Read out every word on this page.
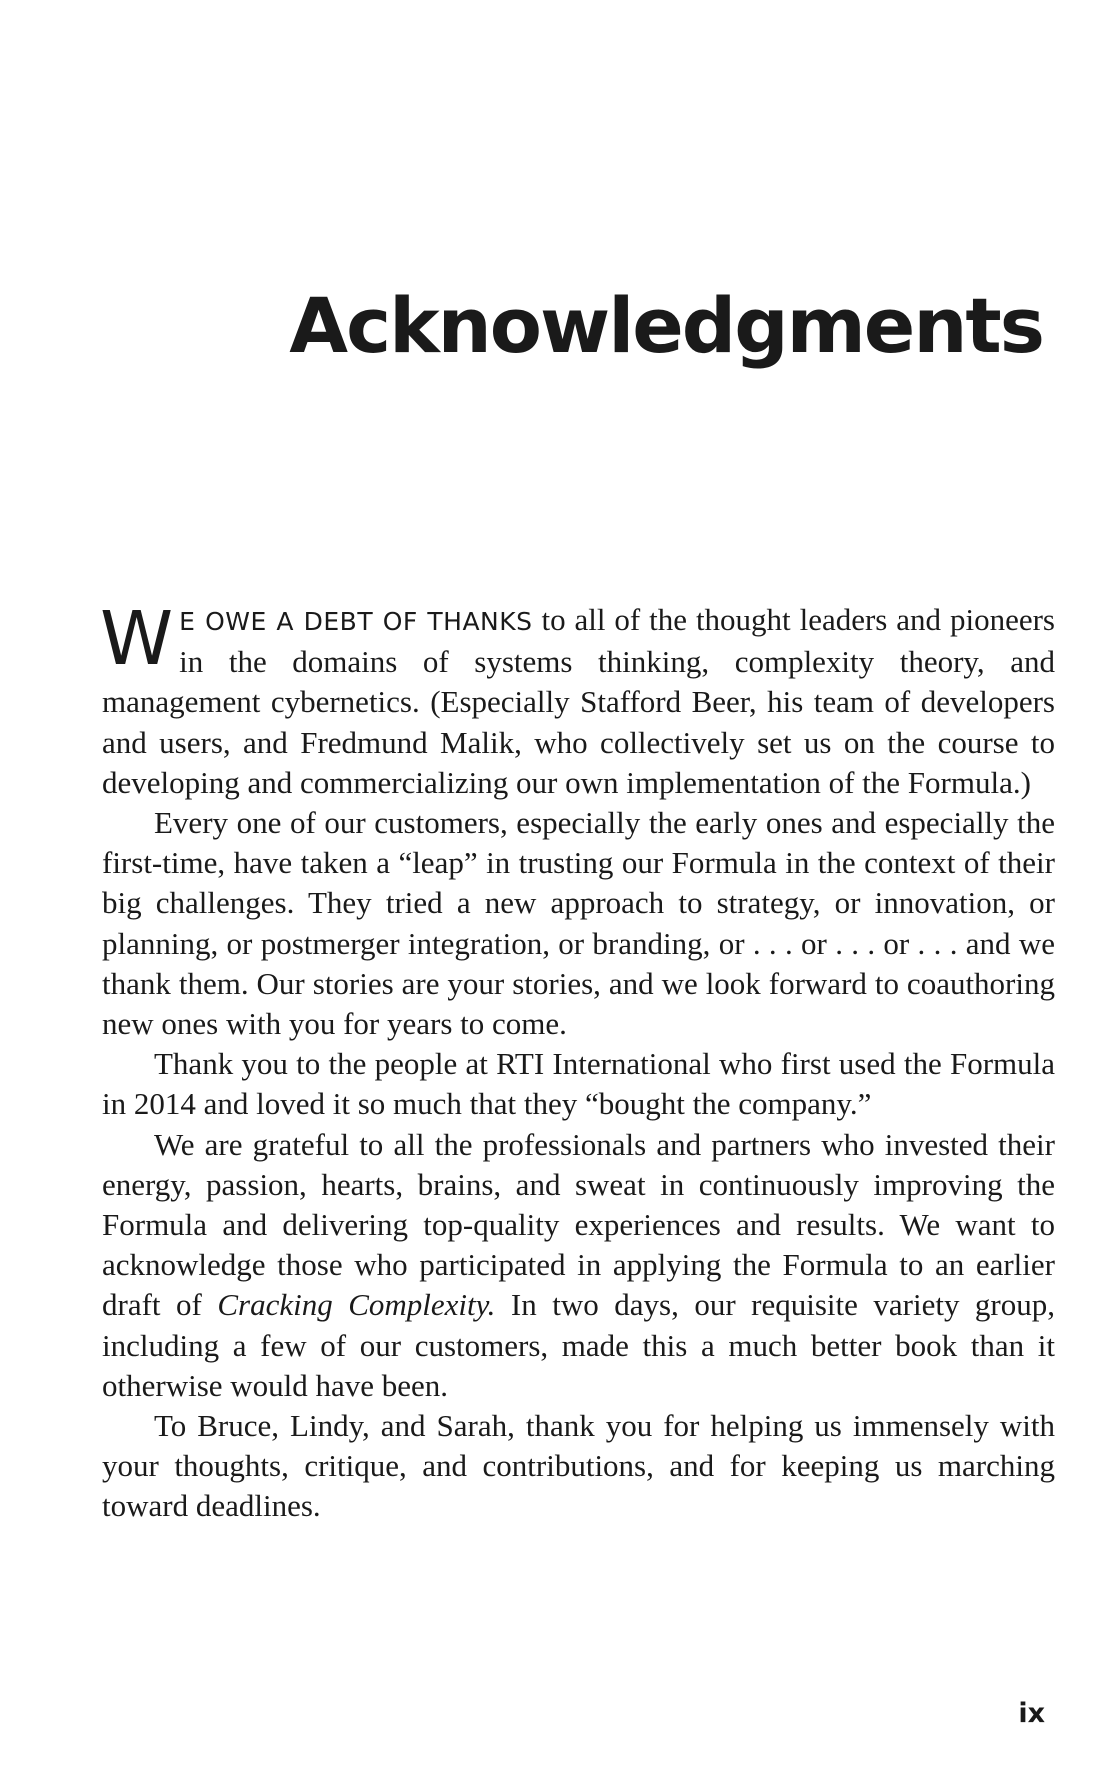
Acknowledgments

W E OWE A DEBT OF THANKS to all of the thought leaders and pioneers in the domains of systems thinking, complexity theory, and management cybernetics. (Especially Stafford Beer, his team of developers and users, and Fredmund Malik, who collectively set us on the course to developing and commercializing our own implementation of the Formula.)

Every one of our customers, especially the early ones and especially the first-time, have taken a “leap” in trusting our Formula in the context of their big challenges. They tried a new approach to strategy, or innovation, or planning, or postmerger integration, or branding, or . . . or . . . or . . . and we thank them. Our stories are your stories, and we look forward to coauthoring new ones with you for years to come.

Thank you to the people at RTI International who first used the Formula in 2014 and loved it so much that they “bought the company.”

We are grateful to all the professionals and partners who invested their energy, passion, hearts, brains, and sweat in continuously improving the Formula and delivering top-quality experiences and results. We want to acknowledge those who participated in applying the Formula to an earlier draft of Cracking Complexity. In two days, our requisite variety group, including a few of our customers, made this a much better book than it otherwise would have been.

To Bruce, Lindy, and Sarah, thank you for helping us immensely with your thoughts, critique, and contributions, and for keeping us marching toward deadlines.

ix
